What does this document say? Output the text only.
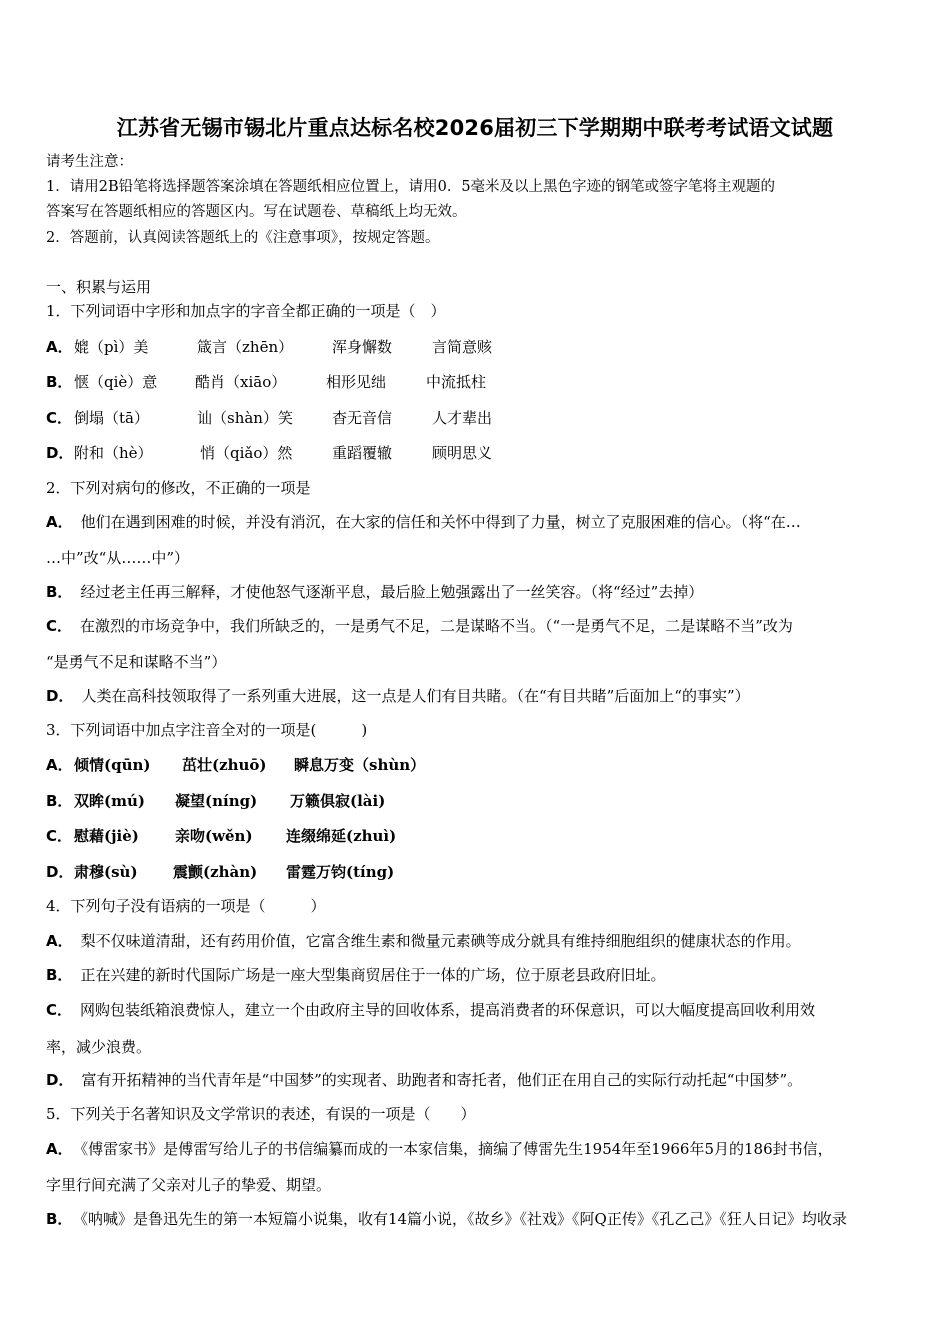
江苏省无锡市锡北片重点达标名校2026届初三下学期期中联考考试语文试题
请考生注意：
1．请用2B铅笔将选择题答案涂填在答题纸相应位置上，请用0．5毫米及以上黑色字迹的钢笔或签字笔将主观题的
答案写在答题纸相应的答题区内。写在试题卷、草稿纸上均无效。
2．答题前，认真阅读答题纸上的《注意事项》，按规定答题。
一、积累与运用
1．下列词语中字形和加点字的字音全都正确的一项是（　）
A． 媲（pì）美	箴言（zhēn）	浑身懈数	言简意赅
B． 惬（qiè）意	酷肖（xiāo）	相形见绌	中流抵柱
C． 倒塌（tā）	讪（shàn）笑	杳无音信	人才辈出
D． 附和（hè）	悄（qiǎo）然	重蹈覆辙	顾明思义
2．下列对病句的修改，不正确的一项是
A． 他们在遇到困难的时候，并没有消沉，在大家的信任和关怀中得到了力量，树立了克服困难的信心。（将“在…
…中”改“从……中”）
B． 经过老主任再三解释，才使他怒气逐渐平息，最后脸上勉强露出了一丝笑容。（将“经过”去掉）
C． 在激烈的市场竞争中，我们所缺乏的，一是勇气不足，二是谋略不当。（“一是勇气不足，二是谋略不当”改为
“是勇气不足和谋略不当”）
D． 人类在高科技领取得了一系列重大进展，这一点是人们有目共睹。（在“有目共睹”后面加上“的事实”）
3．下列词语中加点字注音全对的一项是(　　　)
A． 倾情(qūn) 茁壮(zhuō) 瞬息万变（shùn）
B． 双眸(mú) 凝望(níng) 万籁俱寂(lài)
C． 慰藉(jiè) 亲吻(wěn) 连缀绵延(zhuì)
D． 肃穆(sù) 震颤(zhàn) 雷霆万钧(tíng)
4．下列句子没有语病的一项是（　　　）
A． 梨不仅味道清甜，还有药用价值，它富含维生素和微量元素碘等成分就具有维持细胞组织的健康状态的作用。
B． 正在兴建的新时代国际广场是一座大型集商贸居住于一体的广场，位于原老县政府旧址。
C． 网购包装纸箱浪费惊人，建立一个由政府主导的回收体系，提高消费者的环保意识，可以大幅度提高回收利用效
率，减少浪费。
D． 富有开拓精神的当代青年是“中国梦”的实现者、助跑者和寄托者，他们正在用自己的实际行动托起“中国梦”。
5．下列关于名著知识及文学常识的表述，有误的一项是（　　）
A． 《傅雷家书》是傅雷写给儿子的书信编纂而成的一本家信集，摘编了傅雷先生1954年至1966年5月的186封书信，
字里行间充满了父亲对儿子的挚爱、期望。
B． 《呐喊》是鲁迅先生的第一本短篇小说集，收有14篇小说，《故乡》《社戏》《阿Q正传》《孔乙己》《狂人日记》均收录
